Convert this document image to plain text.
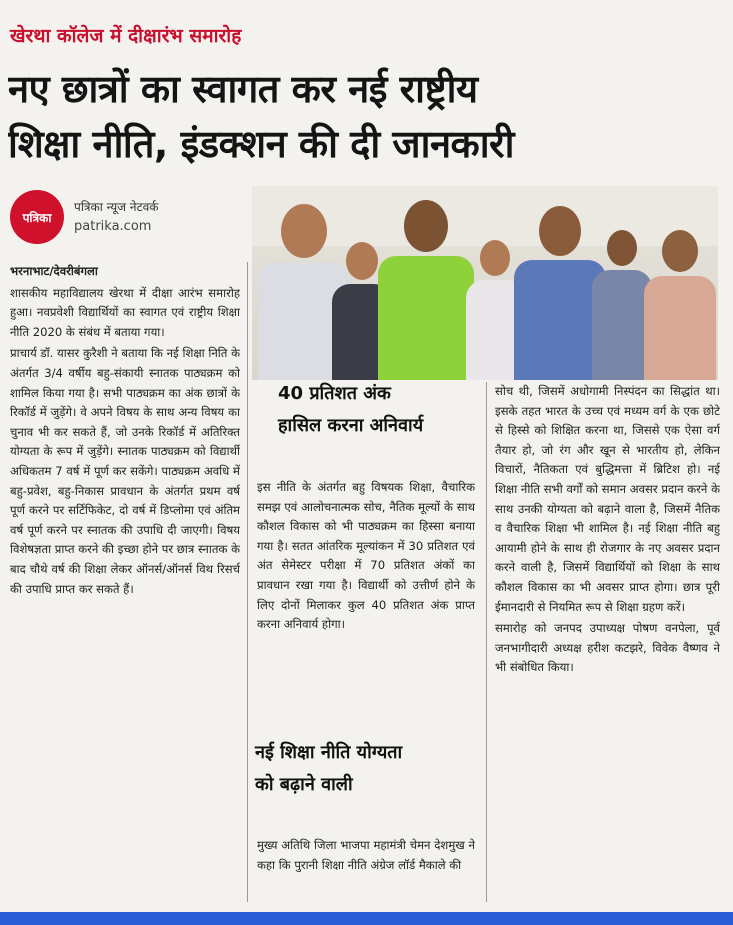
खेरथा कॉलेज में दीक्षारंभ समारोह
नए छात्रों का स्वागत कर नई राष्ट्रीय
शिक्षा नीति, इंडक्शन की दी जानकारी
पत्रिका
पत्रिका न्यूज नेटवर्क
patrika.com

भरनाभाट/देवरीबंगला

शासकीय महाविद्यालय खेरथा में दीक्षा आरंभ समारोह हुआ। नवप्रवेशी विद्यार्थियों का स्वागत एवं राष्ट्रीय शिक्षा नीति 2020 के संबंध में बताया गया।

प्राचार्य डॉ. यासर कुरैशी ने बताया कि नई शिक्षा निति के अंतर्गत 3/4 वर्षीय बहु-संकायी स्नातक पाठ्यक्रम को शामिल किया गया है। सभी पाठ्यक्रम का अंक छात्रों के रिकॉर्ड में जुड़ेंगे। वे अपने विषय के साथ अन्य विषय का चुनाव भी कर सकते हैं, जो उनके रिकॉर्ड में अतिरिक्त योग्यता के रूप में जुड़ेंगे। स्नातक पाठ्यक्रम को विद्यार्थी अधिकतम 7 वर्ष में पूर्ण कर सकेंगे। पाठ्यक्रम अवधि में बहु-प्रवेश, बहु-निकास प्रावधान के अंतर्गत प्रथम वर्ष पूर्ण करने पर सर्टिफिकेट, दो वर्ष में डिप्लोमा एवं अंतिम वर्ष पूर्ण करने पर स्नातक की उपाधि दी जाएगी। विषय विशेषज्ञता प्राप्त करने की इच्छा होने पर छात्र स्नातक के बाद चौथे वर्ष की शिक्षा लेकर ऑनर्स/ऑनर्स विथ रिसर्च की उपाधि प्राप्त कर सकते हैं।

40 प्रतिशत अंक
हासिल करना अनिवार्य

इस नीति के अंतर्गत बहु विषयक शिक्षा, वैचारिक समझ एवं आलोचनात्मक सोच, नैतिक मूल्यों के साथ कौशल विकास को भी पाठ्यक्रम का हिस्सा बनाया गया है। सतत आंतरिक मूल्यांकन में 30 प्रतिशत एवं अंत सेमेस्टर परीक्षा में 70 प्रतिशत अंकों का प्रावधान रखा गया है। विद्यार्थी को उत्तीर्ण होने के लिए दोनों मिलाकर कुल 40 प्रतिशत अंक प्राप्त करना अनिवार्य होगा।

नई शिक्षा नीति योग्यता
को बढ़ाने वाली

मुख्य अतिथि जिला भाजपा महामंत्री चेमन देशमुख ने कहा कि पुरानी शिक्षा नीति अंग्रेज लॉर्ड मैकाले की

सोच थी, जिसमें अधोगामी निस्पंदन का सिद्धांत था। इसके तहत भारत के उच्च एवं मध्यम वर्ग के एक छोटे से हिस्से को शिक्षित करना था, जिससे एक ऐसा वर्ग तैयार हो, जो रंग और खून से भारतीय हो, लेकिन विचारों, नैतिकता एवं बुद्धिमत्ता में ब्रिटिश हो। नई शिक्षा नीति सभी वर्गों को समान अवसर प्रदान करने के साथ उनकी योग्यता को बढ़ाने वाला है, जिसमें नैतिक व वैचारिक शिक्षा भी शामिल है। नई शिक्षा नीति बहु आयामी होने के साथ ही रोजगार के नए अवसर प्रदान करने वाली है, जिसमें विद्यार्थियों को शिक्षा के साथ कौशल विकास का भी अवसर प्राप्त होगा। छात्र पूरी ईमानदारी से नियमित रूप से शिक्षा ग्रहण करें।

समारोह को जनपद उपाध्यक्ष पोषण वनपेला, पूर्व जनभागीदारी अध्यक्ष हरीश कटझरे, विवेक वैष्णव ने भी संबोधित किया।
